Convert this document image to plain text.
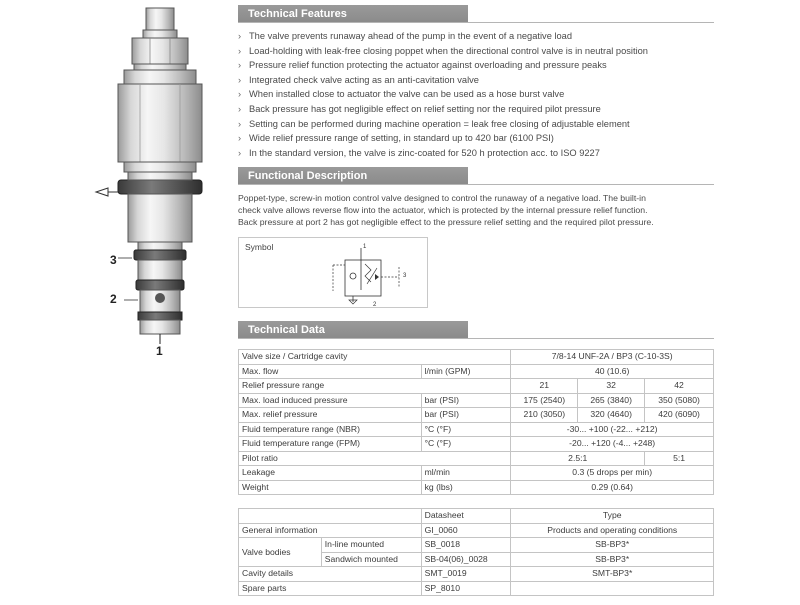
3
2
1
Technical Features
› The valve prevents runaway ahead of the pump in the event of a negative load
› Load-holding with leak-free closing poppet when the directional control valve is in neutral position
› Pressure relief function protecting the actuator against overloading and pressure peaks
› Integrated check valve acting as an anti-cavitation valve
› When installed close to actuator the valve can be used as a hose burst valve
› Back pressure has got negligible effect on relief setting nor the required pilot pressure
› Setting can be performed during machine operation = leak free closing of adjustable element
› Wide relief pressure range of setting, in standard up to 420 bar (6100 PSI)
› In the standard version, the valve is zinc-coated for 520 h protection acc. to ISO 9227
Functional Description
Poppet-type, screw-in motion control valve designed to control the runaway of a negative load. The built-in
check valve allows reverse flow into the actuator, which is protected by the internal pressure relief function.
Back pressure at port 2 has got negligible effect to the pressure relief setting and the required pilot pressure.
Symbol	1
3
2
Technical Data
Valve size / Cartridge cavity		7/8-14 UNF-2A / BP3 (C-10-3S)		
Max. flow	l/min (GPM)	40 (10.6)		
Relief pressure range		21	32	42
Max. load induced pressure	bar (PSI)	175 (2540)	265 (3840)	350 (5080)
Max. relief pressure	bar (PSI)	210 (3050)	320 (4640)	420 (6090)
Fluid temperature range (NBR)	°C (°F)	-30... +100 (-22... +212)		
Fluid temperature range (FPM)	°C (°F)	-20... +120 (-4... +248)		
Pilot ratio		2.5:1		5:1
Leakage	ml/min	0.3 (5 drops per min)		
Weight	kg (lbs)	0.29 (0.64)		
		Datasheet	Type
General information		GI_0060	Products and operating conditions
Valve bodies	In-line mounted	SB_0018	SB-BP3*
	Sandwich mounted	SB-04(06)_0028	SB-BP3*
Cavity details		SMT_0019	SMT-BP3*
Spare parts		SP_8010	
